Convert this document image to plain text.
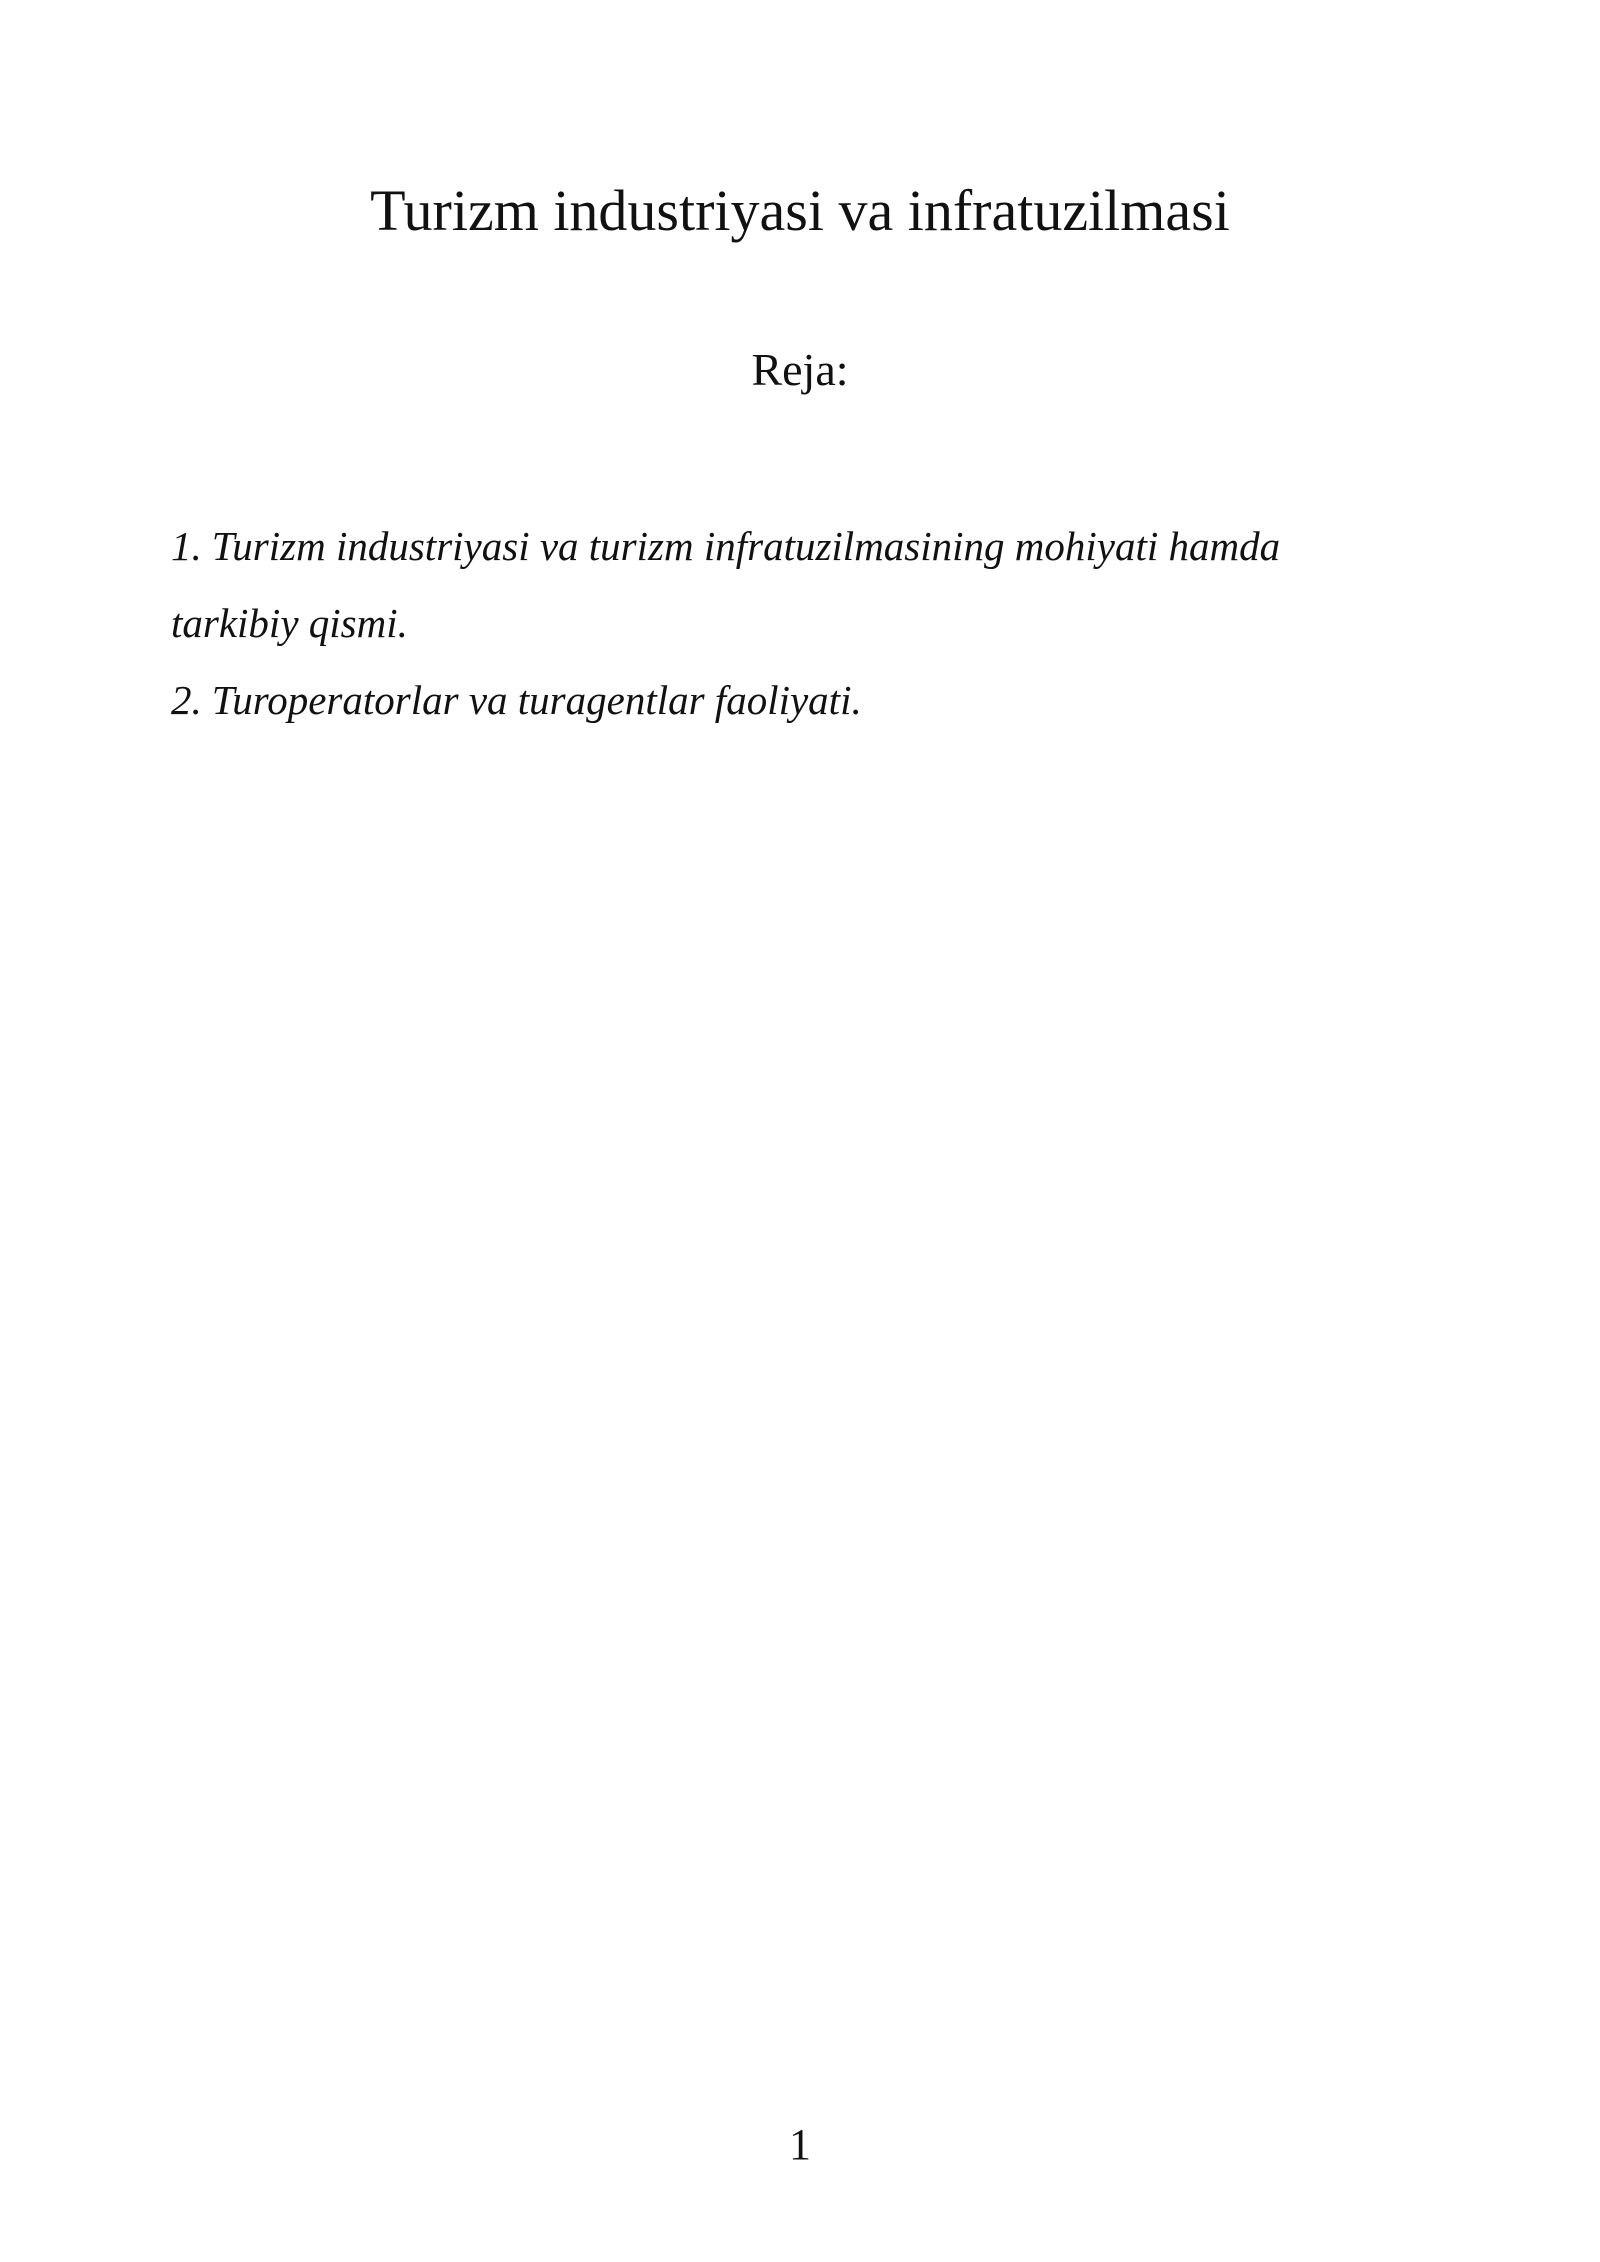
Turizm industriyasi va infratuzilmasi
Reja:
1. Turizm industriyasi va turizm infratuzilmasining mohiyati hamda
tarkibiy qismi.
2. Turoperatorlar va turagentlar faoliyati.
1
